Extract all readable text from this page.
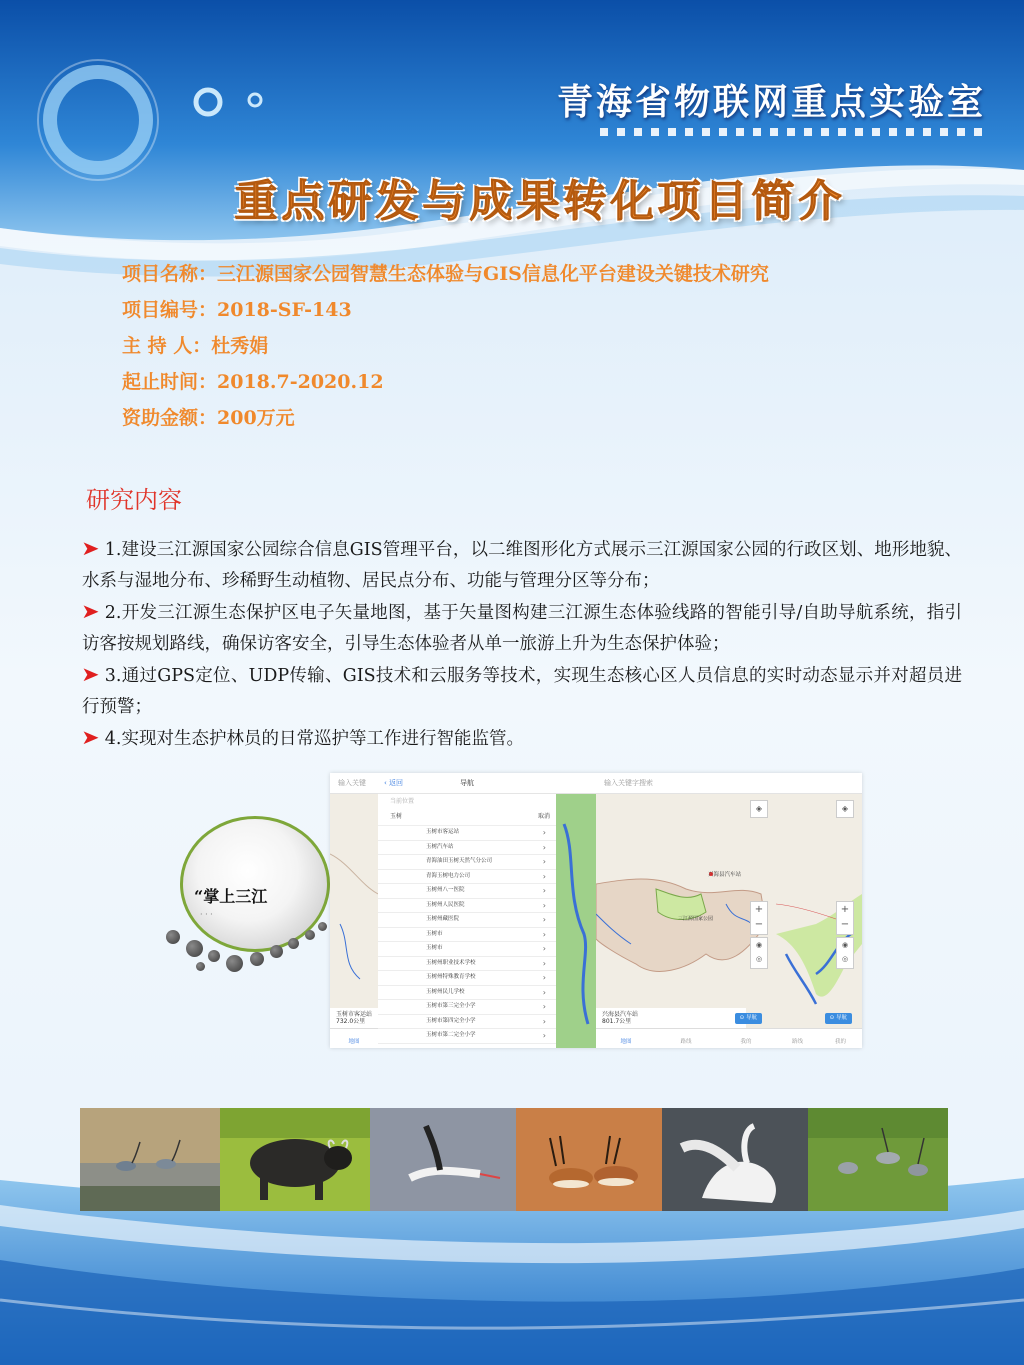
青海省物联网重点实验室
重点研发与成果转化项目简介
项目名称：三江源国家公园智慧生态体验与GIS信息化平台建设关键技术研究
项目编号：2018-SF-143
主 持 人：杜秀娟
起止时间：2018.7-2020.12
资助金额：200万元
研究内容

➤ 1.建设三江源国家公园综合信息GIS管理平台，以二维图形化方式展示三江源国家公园的行政区划、地形地貌、水系与湿地分布、珍稀野生动植物、居民点分布、功能与管理分区等分布；

➤ 2.开发三江源生态保护区电子矢量地图，基于矢量图构建三江源生态体验线路的智能引导/自助导航系统，指引访客按规划路线，确保访客安全，引导生态体验者从单一旅游上升为生态保护体验；

➤ 3.通过GPS定位、UDP传输、GIS技术和云服务等技术，实现生态核心区人员信息的实时动态显示并对超员进行预警；

➤ 4.实现对生态护林员的日常巡护等工作进行智能监管。

“掌上三江
· · ·
输入关键
玉树市客运站
732.0公里
地图
‹ 返回	导航
当前位置
玉树	取消
玉树市客运站 ›
玉树汽车站 ›
青海油田玉树天然气分公司 ›
青海玉树电力公司 ›
玉树州八一医院 ›
玉树州人民医院 ›
玉树州藏医院 ›
玉树市 ›
玉树市 ›
玉树州职业技术学校 ›
玉树州特殊教育学校 ›
玉树州民儿学校 ›
玉树市第三完全小学 ›
玉树市第四完全小学 ›
玉树市第二完全小学 ›
输入关键字搜索
兴海县汽车站
三江源国家公园
◈
+
−
◉
◎
兴海县汽车站
801.7公里	⊙ 导航
地图	路线	我的
◈
+
−
◉
◎
⊙ 导航
路线	我的
